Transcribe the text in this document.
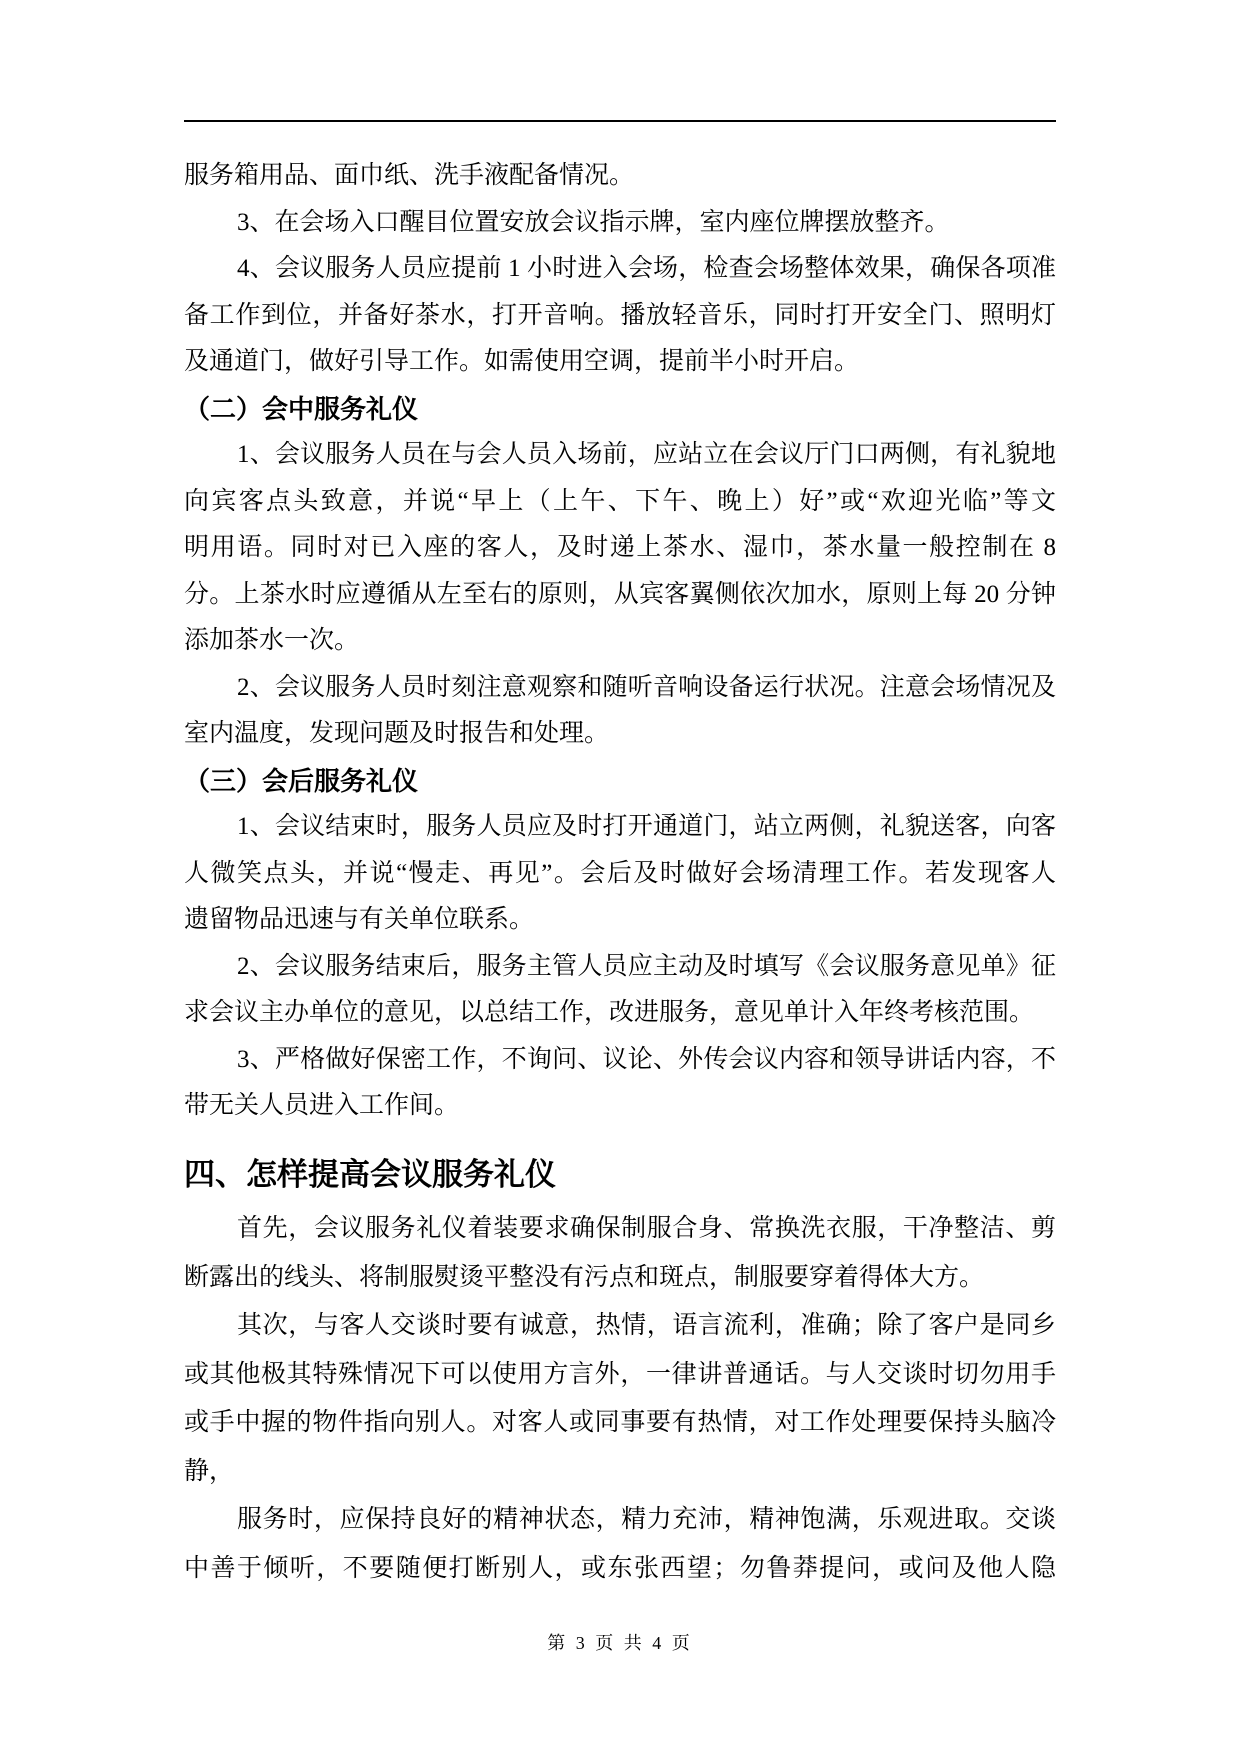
服务箱用品、面巾纸、洗手液配备情况。
3、在会场入口醒目位置安放会议指示牌，室内座位牌摆放整齐。
4、会议服务人员应提前 1 小时进入会场，检查会场整体效果，确保各项准
备工作到位，并备好茶水，打开音响。播放轻音乐，同时打开安全门、照明灯
及通道门，做好引导工作。如需使用空调，提前半小时开启。
（二）会中服务礼仪
1、会议服务人员在与会人员入场前，应站立在会议厅门口两侧，有礼貌地
向宾客点头致意，并说“早上（上午、下午、晚上）好”或“欢迎光临”等文
明用语。同时对已入座的客人，及时递上茶水、湿巾，茶水量一般控制在 8
分。上茶水时应遵循从左至右的原则，从宾客翼侧依次加水，原则上每 20 分钟
添加茶水一次。
2、会议服务人员时刻注意观察和随听音响设备运行状况。注意会场情况及
室内温度，发现问题及时报告和处理。
（三）会后服务礼仪
1、会议结束时，服务人员应及时打开通道门，站立两侧，礼貌送客，向客
人微笑点头，并说“慢走、再见”。会后及时做好会场清理工作。若发现客人
遗留物品迅速与有关单位联系。
2、会议服务结束后，服务主管人员应主动及时填写《会议服务意见单》征
求会议主办单位的意见，以总结工作，改进服务，意见单计入年终考核范围。
3、严格做好保密工作，不询问、议论、外传会议内容和领导讲话内容，不
带无关人员进入工作间。
四、怎样提高会议服务礼仪
首先，会议服务礼仪着装要求确保制服合身、常换洗衣服，干净整洁、剪
断露出的线头、将制服熨烫平整没有污点和斑点，制服要穿着得体大方。
其次，与客人交谈时要有诚意，热情，语言流利，准确；除了客户是同乡
或其他极其特殊情况下可以使用方言外，一律讲普通话。与人交谈时切勿用手
或手中握的物件指向别人。对客人或同事要有热情，对工作处理要保持头脑冷
静，
服务时，应保持良好的精神状态，精力充沛，精神饱满，乐观进取。交谈
中善于倾听，不要随便打断别人，或东张西望；勿鲁莽提问，或问及他人隐
第 3 页 共 4 页
